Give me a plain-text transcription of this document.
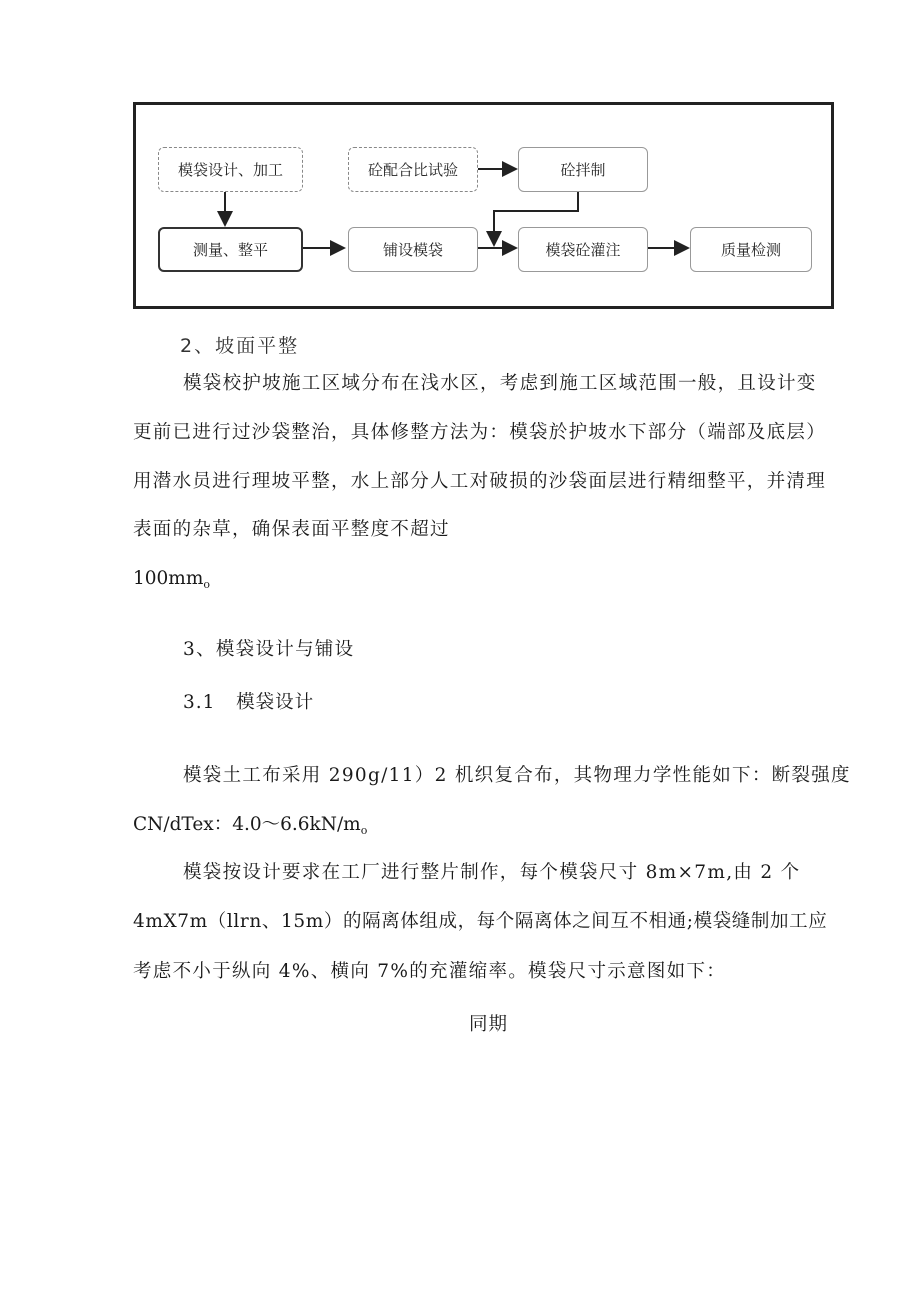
模袋设计、加工	砼配合比试验	砼拌制
测量、整平	铺设模袋	模袋砼灌注	质量检测
2、坡面平整
模袋校护坡施工区域分布在浅水区，考虑到施工区域范围一般，且设计变
更前已进行过沙袋整治，具体修整方法为：模袋於护坡水下部分（端部及底层）
用潜水员进行理坡平整，水上部分人工对破损的沙袋面层进行精细整平，并清理
表面的杂草，确保表面平整度不超过
$100mm_o$
3、模袋设计与铺设
3.1   模袋设计
模袋土工布采用 290g∕11）2 机织复合布，其物理力学性能如下：断裂强度
CN/dTex：$4.0\sim 6.6kN∕m_o$
模袋按设计要求在工厂进行整片制作，每个模袋尺寸 8m×7m,由 2 个
4mX7m（llrn、15m）的隔离体组成，每个隔离体之间互不相通;模袋缝制加工应
考虑不小于纵向 4%、横向 7%的充灌缩率。模袋尺寸示意图如下：
同期
